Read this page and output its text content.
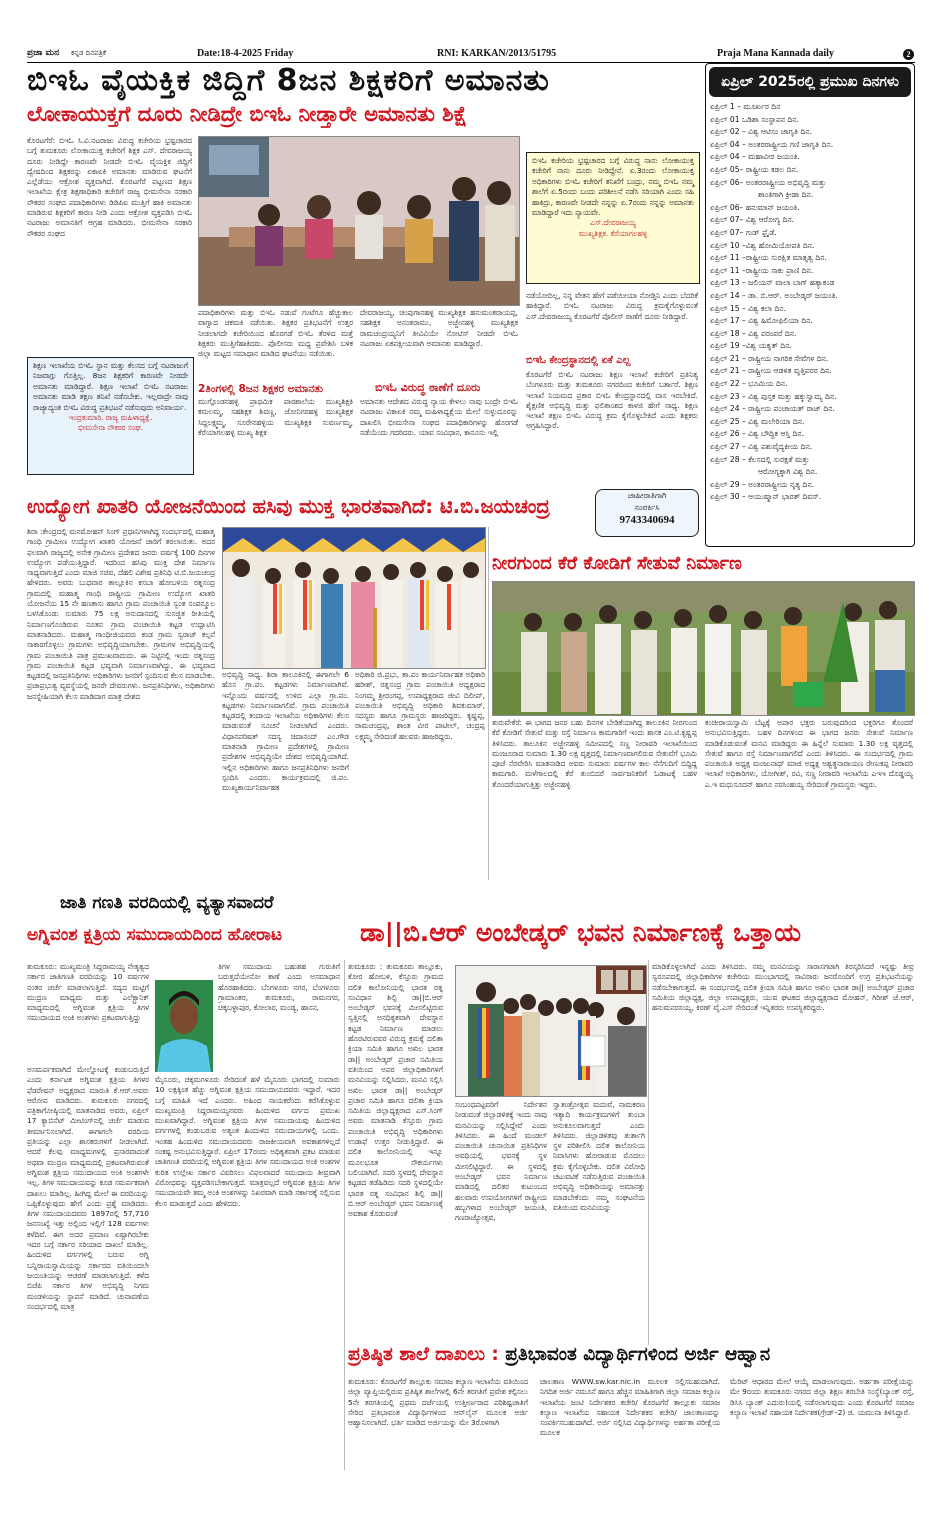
ಪ್ರಜಾ ಮನ ಕನ್ನಡ ದಿನಪತ್ರಿಕೆ	Date:18-4-2025 Friday	RNI: KARKAN/2013/51795	Praja Mana Kannada daily	2
ಬಿಇಓ ವೈಯಕ್ತಿಕ ಜಿದ್ದಿಗೆ 8ಜನ ಶಿಕ್ಷಕರಿಗೆ ಅಮಾನತು
ಲೋಕಾಯುಕ್ತಗೆ ದೂರು ನೀಡಿದ್ರೇ ಬಿಇಓ ನೀಡ್ತಾರೇ ಅಮಾನತು ಶಿಕ್ಷೆ
ಕೊರಟಗೆರೆ: ಬಿಇಓ ಸಿ.ವಿ.ನಟರಾಜು ವಿರುದ್ಧ ಕಚೇರಿಯ ಭ್ರಷ್ಟಚಾರದ ಬಗ್ಗೆ ತುಮಕೂರು ಲೋಕಾಯುಕ್ತ ಕಚೇರಿಗೆ ಶಿಕ್ಷಕ ಎಸ್. ದೇವರಾಜಯ್ಯ ದೂರು ನೀಡಿದ್ದೇ ಕಾರಣವೇ ನೀಡದೇ ಬಿಇಓ ವೈಯಕ್ತಿಕ ಜಿದ್ದಿಗೆ ದ್ವೇಷದಿಂದ ಶಿಕ್ಷಕರನ್ನು ಏಕಾಏಕಿ ಅಮಾನತು ಮಾಡಿರುವ ಘಟನೆಗೆ ಎಲ್ಲೆಡೆಯು ಆಕ್ರೋಶ ವ್ಯಕ್ತವಾಗಿದೆ. ಕೊರಟಗೆರೆ ಪಟ್ಟಣದ ಶಿಕ್ಷಣ ಇಲಾಖೆಯ ಕ್ಷೇತ್ರ ಶಿಕ್ಷಣಾಧಿಕಾರಿ ಕಚೇರಿಗೆ ರಾಜ್ಯ ಭೀಮಸೇನಾ ಸರಕಾರಿ ನೌಕರರ ಸಂಘದ ಪದಾಧಿಕಾರಿಗಳು ಡಿಡಿಪಿಐ ಮುತ್ತಿಗೆ ಹಾಕಿ ಅಮಾನತು ಮಾಡಿರುವ ಶಿಕ್ಷಕರಿಗೆ ಕಾರಣ ನೀಡಿ ಎಂದು ಆಕ್ರೋಶ ವ್ಯಕ್ತಪಡಿಸಿ ಬಿಇಓ ನಟರಾಜು ಅಮಾನತಿಗೆ ಆಗ್ರಹ ಮಾಡಿದರು. ಭೀಮಸೇನಾ ಸರಕಾರಿ ನೌಕರರ ಸಂಘದ
ಶಿಕ್ಷಣ ಇಲಾಖೆಯ ಬಿಇಓ ಸ್ಥಾನ ಮತ್ತು ಕೆಲಸದ ಬಗ್ಗೆ ನಟರಾಜುಗೆ ನಿಜವಾಗ್ಲು ಗೊತ್ತಿಲ್ಲ. 8ಜನ ಶಿಕ್ಷಕರಿಗೆ ಕಾರಣವೇ ನೀಡದೇ ಅಮಾನತು ಮಾಡಿದ್ದಾರೆ. ಶಿಕ್ಷಣ ಇಲಾಖೆ ಬಿಇಓ ನಟರಾಜು ಅಮಾನತು ಮಾಡಿ ತಕ್ಷಣ ತನಿಖೆ ನಡೆಸಬೇಕು. ಇಲ್ಲವಾದ್ರೇ ನಾವು ರಾಜ್ಯಾದ್ಯಂತ ಬಿಇಓ ವಿರುದ್ಧ ಪ್ರತಿಭಟನೆ ನಡೆಸುವುದು ಅನಿವಾರ್ಯ.
ಇಂದ್ರಕುಮಾರಿ. ರಾಜ್ಯ ಮಹಿಳಾಧ್ಯಕ್ಷೆ.
ಭೀಮಸೇನಾ ನೌಕರರ ಸಂಘ.
ಪದಾಧಿಕಾರಿಗಳು ಮತ್ತು ಬಿಇಓ ನಡುವೆ ಗಂಟೆಗೂ ಹೆಚ್ಚುಕಾಲ ವಾಗ್ವಾದ ಚಕಮಕಿ ನಡೆಯಿತು. ಶಿಕ್ಷಕರ ಪ್ರತಿಭಟನೆಗೆ ಉತ್ತರ ನೀಡಲಾಗದೇ ಕಚೇರಿಯಿಂದ ಹೊರಗಡೆ ಬಿಇಓ ತೆರಳಿದ ಮತ್ತೆ ಶಿಕ್ಷಕರು ಮುತ್ತಿಗೆಹಾಕಿದರು. ಪೊಲೀಸರು ಮಧ್ಯ ಪ್ರವೇಶಿಸಿ ಬಳಿಕ ಜಿಲ್ಲಾ ಮಟ್ಟದ ಸಮಾಧಾನ ಮಾಡಿದ ಘಟನೆಯು ನಡೆಯಿತು.
2ತಿಂಗಳಲ್ಲಿ 8ಜನ ಶಿಕ್ಷಕರ ಅಮಾನತು
ಮುಗ್ಗೊಂಡನಹಳ್ಳಿ ಪ್ರಾಥಮಿಕ ಪಾಠಶಾಲೆಯ ಮುಖ್ಯಶಿಕ್ಷಕಿ ಕಮಲಮ್ಮ, ಸಹಶಿಕ್ಷಕ ಶಿವಣ್ಣ, ಜೋನಿಗರಹಳ್ಳಿ ಮುಖ್ಯಶಿಕ್ಷಕ ಸಿದ್ದಲಕ್ಷ್ಮಮ್ಮ, ಸೂರೇನಹಳ್ಳಿಯ ಮುಖ್ಯಶಿಕ್ಷಕಿ ಸುವರ್ಣಮ್ಮ, ಕೆರೆಯಾಗಲಹಳ್ಳಿ ಮುಖ್ಯ ಶಿಕ್ಷಕ
ದೇವರಾಜಯ್ಯ, ಚಿಂಪುಗಾನಹಳ್ಳಿ ಮುಖ್ಯಶಿಕ್ಷಕ ಹನುಮಂತರಾಯಪ್ಪ, ಸಹಶಿಕ್ಷಕ ಅನಂತರಾಮು, ಅಜ್ಜೇನಹಳ್ಳಿ ಮುಖ್ಯಶಿಕ್ಷಕ ರಾಮಚಂದ್ರಯ್ಯನಿಗೆ ತೀವಿವಿಯೇ ನೋಟಿಸ್ ನೀಡದೇ ಬಿಇಓ ನಟರಾಜು ಏಕಪಕ್ಷೀಯವಾಗಿ ಅಮಾನತು ಮಾಡಿದ್ದಾರೆ.
ಬಿಇಓ ವಿರುದ್ಧ ಠಾಣೆಗೆ ದೂರು
ಅಮಾನತು ಆದೇಶದ ವಿರುದ್ಧ ನ್ಯಾಯ ಕೇಳಲು ನಾವು ಬಂದ್ರೇ ಬಿಇಓ ನಟರಾಜು ವಿಕಾಏಕಿ ನಮ್ಮ ಮಹಿಳಾಧ್ಯಕ್ಷೆಯ ಮೇಲೆ ಸುಳ್ಳುದೂರನ್ನು ದಾಖಲಿಸಿ ಭೀಮಸೇನಾ ಸಂಘದ ಪದಾಧಿಕಾರಿಗಳನ್ನು ಹೊರಗಡೆ ನಡೆಯೆಂದು ಗದರಿದರು. ಯಾವ ಸಂವಿಧಾನ, ಕಾನೂನು ಇಲ್ಲಿ
ಬಿಇಓ ಕಚೇರಿಯ ಭ್ರಷ್ಟಚಾರದ ಬಗ್ಗೆ ವಿರುದ್ಧ ನಾನು ಲೋಕಾಯುಕ್ತ ಕಚೇರಿಗೆ ನಾನು ದೂರು ನೀಡಿದ್ದೇನೆ. ಏ.3ರಂದು ಲೋಕಾಯುಕ್ತ ಅಧಿಕಾರಿಗಳು ಬಿಇಓ ಕಚೇರಿಗೆ ತನಿಖೆಗೆ ಬಂದ್ರು, ನಮ್ಮ ಬಿಇಓ ನಮ್ಮ ಶಾಲೆಗೆ ಏ.5ರಂದು ಬಂದು ಪರಿಶೀಲನೆ ನಡೆಸಿ ಸರಿಯಾಗಿ ಎಂದು ಸಹಿ ಹಾಕಿದ್ರು, ಕಾರಣವೇ ನೀಡದೇ ನನ್ನನ್ನು ಏ.7ರಂದು ನನ್ನನ್ನು ಅಮಾನತು ಮಾಡಿದ್ದಾರೆ ಇದು ನ್ಯಾಯವೇ.
ಎಸ್.ದೇವರಾಜಯ್ಯ
ಮುಖ್ಯಶಿಕ್ಷಕ. ಕೆರೆಯಾಗಲಹಳ್ಳಿ
ನಡೆಯೋದಿಲ್ಲ, ನಿನ್ನ ವೇತನ ಹೇಗೆ ಪಡೆಯೀಯಾ ನೋಡ್ತಿನಿ ಎಂದು ಬೆದರಿಕೆ ಹಾಕಿದ್ದಾರೆ. ಬಿಇಓ ನಟರಾಜು ವಿರುದ್ಧ ಕ್ರಮಕೈಗೊಳ್ಳುವಂತೆ ಎಸ್.ದೇವರಾಜಯ್ಯ ಕೊರಟಗೆರೆ ಪೊಲೀಸ್ ಠಾಣೆಗೆ ದೂರು ನೀಡಿದ್ದಾರೆ.
ಬಿಇಓ ಕೇಂದ್ರಸ್ಥಾನದಲ್ಲಿ ಏಕೆ ಎಲ್ಲ
ಕೊರಟಗೆರೆ ಬಿಇಓ ನಟರಾಜು ಶಿಕ್ಷಣ ಇಲಾಖೆ ಕಚೇರಿಗೆ ಪ್ರತಿನಿತ್ಯ ಬೆಂಗಳೂರು ಮತ್ತು ತುಮಕೂರು ನಗರದಿಂದ ಕಚೇರಿಗೆ ಬರ್ತಾರೆ. ಶಿಕ್ಷಣ ಇಲಾಖೆ ನಿಯಮದ ಪ್ರಕಾರ ಬಿಇಓ ಕೇಂದ್ರಸ್ಥಾನದಲ್ಲಿ ವಾಸ ಇರಬೇಕಿದೆ. ಶೈಕ್ಷಣಿಕ ಅಭಿವೃದ್ಧಿ ಮತ್ತು ಫಲಿತಾಂಶದ ಕಾಳಜಿ ಹೇಗೆ ಸಾಧ್ಯ. ಶಿಕ್ಷಣ ಇಲಾಖೆ ತಕ್ಷಣ ಬಿಇಓ ವಿರುದ್ಧ ಕ್ರಮ ಕೈಗೊಳ್ಳಬೇಕಿದೆ ಎಂದು ಶಿಕ್ಷಕರು ಆಗ್ರಹಿಸಿದ್ದಾರೆ.
ಜಾಹೀರಾತಿಗಾಗಿ
ಸಂಪರ್ಕಿಸಿ
9743340694
ಏಪ್ರಿಲ್ 2025ರಲ್ಲಿ ಪ್ರಮುಖ ದಿನಗಳು
ಏಪ್ರಿಲ್ 1 – ಮೂರ್ಖರ ದಿನ
ಏಪ್ರಿಲ್ 01 ಒಡಿಶಾ ಸಂಸ್ಥಾಪನ ದಿನ.
ಏಪ್ರಿಲ್ 02 – ವಿಶ್ವ ಆಟಿಸಂ ಜಾಗೃತಿ ದಿನ.
ಏಪ್ರಿಲ್ 04 – ಅಂತರರಾಷ್ಟ್ರೀಯ ಗಣಿ ಜಾಗೃತಿ ದಿನ.
ಏಪ್ರಿಲ್ 04 – ಮಹಾವೀರ ಜಯಂತಿ.
ಏಪ್ರಿಲ್ 05– ರಾಷ್ಟ್ರೀಯ ಕಡಲ ದಿನ.
ಏಪ್ರಿಲ್ 06– ಅಂತರರಾಷ್ಟ್ರೀಯ ಅಭಿವೃದ್ಧಿ ಮತ್ತು
ಶಾಂತಿಗಾಗಿ ಕ್ರೀಡಾ ದಿನ.
ಏಪ್ರಿಲ್ 06– ಹನುಮಾನ್ ಜಯಂತಿ.
ಏಪ್ರಿಲ್ 07– ವಿಶ್ವ ಆರೋಗ್ಯ ದಿನ.
ಏಪ್ರಿಲ್ 07– ಗುಡ್ ಫ್ರೈಡೆ.
ಏಪ್ರಿಲ್ 10 –ವಿಶ್ವ ಹೋಮಿಯೋಪತಿ ದಿನ.
ಏಪ್ರಿಲ್ 11 –ರಾಷ್ಟ್ರೀಯ ಸುರಕ್ಷಿತ ಮಾತೃತ್ವ ದಿನ.
ಏಪ್ರಿಲ್ 11 –ರಾಷ್ಟ್ರೀಯ ಸಾಕು ಪ್ರಾಣಿ ದಿನ.
ಏಪ್ರಿಲ್ 13 – ಜಲಿಯನ್ ವಾಲಾ ಬಾಗ್ ಹತ್ಯಾಕಂಡ
ಏಪ್ರಿಲ್ 14 – ಡಾ. ಬಿ.ಆರ್. ಅಂಬೇಡ್ಕರ್ ಜಯಂತಿ.
ಏಪ್ರಿಲ್ 15 – ವಿಶ್ವ ಕಲಾ ದಿನ.
ಏಪ್ರಿಲ್ 17 – ವಿಶ್ವ ಹಿಮೋಫಿಲಿಯಾ ದಿನ.
ಏಪ್ರಿಲ್ 18 – ವಿಶ್ವ ಪರಂಪರೆ ದಿನ.
ಏಪ್ರಿಲ್ 19 –ವಿಶ್ವ ಯಕೃತ್ ದಿನ.
ಏಪ್ರಿಲ್ 21 – ರಾಷ್ಟ್ರೀಯ ನಾಗರಿಕ ಸೇವೆಗಳ ದಿನ.
ಏಪ್ರಿಲ್ 21 – ರಾಷ್ಟ್ರೀಯ ಆಡಳಿತ ವೃತ್ತಿಪರರ ದಿನ.
ಏಪ್ರಿಲ್ 22 – ಭೂಮಿಯ ದಿನ.
ಏಪ್ರಿಲ್ 23 – ವಿಶ್ವ ಪುಸ್ತಕ ಮತ್ತು ಹಕ್ಕುಸ್ವಾಮ್ಯ ದಿನ.
ಏಪ್ರಿಲ್ 24 – ರಾಷ್ಟ್ರೀಯ ಪಂಚಾಯತ್ ರಾಜ್ ದಿನ.
ಏಪ್ರಿಲ್ 25 – ವಿಶ್ವ ಮಲೇರಿಯಾ ದಿನ.
ಏಪ್ರಿಲ್ 26 – ವಿಶ್ವ ಬೌದ್ಧಿಕ ಆಸ್ತಿ ದಿನ.
ಏಪ್ರಿಲ್ 27 – ವಿಶ್ವ ಪಶುವೈದ್ಯಕೀಯ ದಿನ.
ಏಪ್ರಿಲ್ 28 – ಕೆಲಸದಲ್ಲಿ ಸುರಕ್ಷತೆ ಮತ್ತು
ಆರೋಗ್ಯಕ್ಕಾಗಿ ವಿಶ್ವ ದಿನ.
ಏಪ್ರಿಲ್ 29 – ಅಂತರರಾಷ್ಟ್ರೀಯ ನೃತ್ಯ ದಿನ.
ಏಪ್ರಿಲ್ 30 – ಆಯುಷ್ಮಾನ್ ಭಾರತ್ ದಿವಸ್.
ಉದ್ಯೋಗ ಖಾತರಿ ಯೋಜನೆಯಿಂದ ಹಸಿವು ಮುಕ್ತ ಭಾರತವಾಗಿದೆ: ಟಿ.ಬಿ.ಜಯಚಂದ್ರ
ಶಿರಾ :ಕೇಂದ್ರದಲ್ಲಿ ಮನಮೋಹನ್ ಸಿಂಗ್ ಪ್ರಧಾನಿಗಳಾಗಿದ್ದ ಸಂದರ್ಭದಲ್ಲಿ ಮಹಾತ್ಮ ಗಾಂಧಿ ಗ್ರಾಮೀಣ ಉದ್ಯೋಗ ಖಾತರಿ ಯೋಜನೆ ಜಾರಿಗೆ ತರಲಾಯಿತು. ಅದರ ಫಲವಾಗಿ ರಾಜ್ಯದಲ್ಲಿ ಅನೇಕ ಗ್ರಾಮೀಣ ಪ್ರದೇಶದ ಜನರು ವರ್ಷಕ್ಕೆ 100 ದಿನಗಳ ಉದ್ಯೋಗ ಪಡೆಯುತ್ತಿದ್ದಾರೆ. ಇದರಿಂದ ಹಸಿವು ಮುಕ್ತ ದೇಶ ನಿರ್ಮಾಣ ಸಾಧ್ಯವಾಗುತ್ತಿದೆ ಎಂದು ಮಾಜಿ ಸಚಿವ, ದೆಹಲಿ ವಿಶೇಷ ಪ್ರತಿನಿಧಿ ಟಿ.ಬಿ.ಜಯಚಂದ್ರ ಹೇಳಿದರು. ಅವರು ಬುಧವಾರ ತಾಲ್ಲೂಕಿನ ಕಸಬಾ ಹೋಬಳಿಯ ರತ್ನಸಂದ್ರ ಗ್ರಾಮದಲ್ಲಿ ಮಹಾತ್ಮ ಗಾಂಧಿ ರಾಷ್ಟ್ರೀಯ ಗ್ರಾಮೀಣ ಉದ್ಯೋಗ ಖಾತರಿ ಯೋಜನೆಯ 15 ನೇ ಹಣಕಾಸು ಹಾಗೂ ಗ್ರಾಮ ಪಂಚಾಯಿತಿ ಸ್ವಂತ ಸಂಪನ್ಮೂಲ ಬಳಸಿಕೊಂಡು ಸುಮಾರು 75 ಲಕ್ಷ ಅನುದಾನದಲ್ಲಿ ಸುಸಜ್ಜಿತ ರೀತಿಯಲ್ಲಿ ನಿರ್ಮಾಣಗೊಂಡಿರುವ ನೂತನ ಗ್ರಾಮ ಪಂಚಾಯಿತಿ ಕಟ್ಟಡ ಉದ್ಘಾಟಿಸಿ ಮಾತನಾಡಿದರು. ಮಹಾತ್ಮ ಗಾಂಧೀಜಿಯವರು ಕಂಡ ಗ್ರಾಮ ಸ್ವರಾಜ್ ಕಲ್ಪನೆ ಸಾಕಾರಗೊಳ್ಳಲು ಗ್ರಾಮಗಳು ಅಭಿವೃದ್ಧಿಯಾಗಬೇಕು. ಗ್ರಾಮಗಳ ಅಭಿವೃದ್ಧಿಯಲ್ಲಿ ಗ್ರಾಮ ಪಂಚಾಯಿತಿ ಪಾತ್ರ ಪ್ರಮುಖವಾದುದು. ಈ ನಿಟ್ಟಿನಲ್ಲಿ ಇಂದು ರತ್ನಸಂದ್ರ ಗ್ರಾಮ ಪಂಚಾಯಿತಿ ಕಟ್ಟಡ ಭವ್ಯವಾಗಿ ನಿರ್ಮಾಣವಾಗಿದ್ದು, ಈ ಭವ್ಯವಾದ ಕಟ್ಟಡದಲ್ಲಿ ಜನಪ್ರತಿನಿಧಿಗಳು ಅಧಿಕಾರಿಗಳು ಜನರಿಗೆ ಸ್ಪಂದಿಸುವ ಕೆಲಸ ಮಾಡಬೇಕು. ಪ್ರಜಾಪ್ರಭುತ್ವ ವ್ಯವಸ್ಥೆಯಲ್ಲಿ ಜನರೇ ದೇವರುಗಳು. ಜನಪ್ರತಿನಿಧಿಗಳು, ಅಧಿಕಾರಿಗಳು ಜನಸ್ನೇಹಿಯಾಗಿ ಕೆಲಸ ಮಾಡಿದಾಗ ಮಾತ್ರ ದೇಶದ
ಅಭಿವೃದ್ಧಿ ಸಾಧ್ಯ. ಶಿರಾ ತಾಲೂಕಿನಲ್ಲಿ ಈಗಾಗಲೇ 6 ಹೊಸ ಗ್ರಾ.ಪಂ. ಕಟ್ಟಡಗಳು ನಿರ್ಮಾಣವಾಗಿವೆ. ಇನ್ನೊಂದು ವರ್ಷದಲ್ಲಿ ಉಳಿದ ಎಲ್ಲಾ ಗ್ರಾ.ಪಂ. ಕಟ್ಟಡಗಳು ನಿರ್ಮಾಣವಾಗಲಿವೆ. ಗ್ರಾಮ ಪಂಚಾಯಿತಿ ಕಟ್ಟಡದಲ್ಲಿ ಕಂದಾಯ ಇಲಾಖೆಯ ಅಧಿಕಾರಿಗಳು ಕೆಲಸ ಮಾಡುವಂತೆ ಸೂಚನೆ ನೀಡಲಾಗಿದೆ ಎಂದರು. ವಿಧಾನಪರಿಷತ್ ಸದಸ್ಯ ಚಿದಾನಂದ್ ಎಂ.ಗೌಡ ಮಾತನಾಡಿ ಗ್ರಾಮೀಣ ಪ್ರದೇಶಗಳಲ್ಲಿ ಗ್ರಾಮೀಣ ಪ್ರದೇಶಗಳ ಅಭಿವೃದ್ಧಿಯೇ ದೇಶದ ಅಭಿವೃದ್ಧಿಯಾಗಿದೆ. ಇಲ್ಲಿನ ಅಧಿಕಾರಿಗಳು ಹಾಗೂ ಜನಪ್ರತಿನಿಧಿಗಳು ಜನರಿಗೆ ಸ್ಪಂದಿಸಿ ಎಂದರು. ಕಾರ್ಯಕ್ರಮದಲ್ಲಿ ಜಿ.ಪಂ. ಮುಖ್ಯಕಾರ್ಯನಿರ್ವಾಹಕ
ಅಧಿಕಾರಿ ಜಿ.ಪ್ರಭು, ತಾ.ಪಂ ಕಾರ್ಯನಿರ್ವಾಹಕ ಅಧಿಕಾರಿ ಹರೀಶ್, ರತ್ನಸಂದ್ರ ಗ್ರಾಮ ಪಂಚಾಯಿತಿ ಅಧ್ಯಕ್ಷರಾದ ನಿಂಗಮ್ಮ ಶ್ರೀರಂಗಪ್ಪ, ಉಪಾಧ್ಯಕ್ಷರಾದ ಜೀವಿ ದಿಲೀಪ್, ಪಂಚಾಯಿತಿ ಅಭಿವೃದ್ಧಿ ಅಧಿಕಾರಿ ಶಿವಕುಮಾರ್, ಸದಸ್ಯರು ಹಾಗೂ ಗ್ರಾಮಸ್ಥರು ಹಾಜರಿದ್ದರು. ಕೃಷ್ಣಪ್ಪ, ರಾಮಚಂದ್ರಪ್ಪ, ಶಾಂತ ವೀರ ಪಾಟೀಲ್, ಚಂದ್ರಪ್ಪ ಲಕ್ಷ್ಮಮ್ಮ ಸೇರಿದಂತೆ ಹಲವರು ಹಾಜರಿದ್ದರು.
ನೀರಗುಂದ ಕೆರೆ ಕೋಡಿಗೆ ಸೇತುವೆ ನಿರ್ಮಾಣ
ತುರುವೇಕೆರೆ: ಈ ಭಾಗದ ಜನರ ಬಹು ದಿನಗಳ ಬೇಡಿಕೆಯಾಗಿದ್ದ ತಾಲೂಕಿನ ನೀರಗುಂದ ಕೆರೆ ಕೋಡಿಗೆ ಸೇತುವೆ ಮತ್ತು ರಸ್ತೆ ನಿರ್ಮಾಣ ಕಾಮಗಾರಿಗೆ ಇಂದು ಶಾಸಕ ಎಂ.ಟಿ.ಕೃಷ್ಣಪ್ಪ ತಿಳಿಸಿದರು. ತಾಲೂಕಿನ ಅಜ್ಜೇನಹಳ್ಳಿ ಸಮೀಪದಲ್ಲಿ ಸಣ್ಣ ನೀರಾವರಿ ಇಲಾಖೆಯಿಂದ ಮಂಜೂರಾದ ಸುಮಾರು 1.30 ಲಕ್ಷ ವೃತ್ತದಲ್ಲಿ ನಿರ್ಮಾಣವಾಗಲಿರುವ ಸೇತುವೆಗೆ ಭೂಮಿ ಪೂಜೆ ನೆರವೇರಿಸಿ ಮಾತನಾಡಿದ ಅವರು ಸುಮಾರು ವರ್ಷಗಳ ಕಾಲ ನೆನೆಗುದಿಗೆ ಬಿದ್ದಿದ್ದ ಕಾಮಗಾರಿ. ಮಳೆಗಾಲದಲ್ಲಿ ಕೆರೆ ತುಂಬಿದರೆ ಸಾರ್ವಜನಿಕರಿಗೆ ಓಡಾಟಕ್ಕೆ ಬಹಳ ತೊಂದರೆಯಾಗುತ್ತಿತ್ತು ಅಜ್ಜೇನಹಳ್ಳಿ
ಕಂಚೀರಾಯಸ್ವಾಮಿ ಬೆಟ್ಟಕ್ಕೆ ಅಪಾರ ಭಕ್ತರು ಬರುವುದರಿಂದ ಭಕ್ತರಿಗೂ ತೊಂದರೆ ಅನುಭವಿಸುತ್ತಿದ್ದರು. ಬಹಳ ದಿನಗಳಿಂದ ಈ ಭಾಗದ ಜನರು ಸೇತುವೆ ನಿರ್ಮಾಣ ಮಾಡಿಕೊಡುವಂತೆ ಮನವಿ ಮಾಡಿದ್ದರು ಈ ಹಿನ್ನೆಲೆ ಸುಮಾರು 1.30 ಲಕ್ಷ ವೃತ್ತದಲ್ಲಿ ಸೇತುವೆ ಹಾಗೂ ರಸ್ತೆ ನಿರ್ಮಾಣವಾಗಲಿದೆ ಎಂದು ತಿಳಿಸಿದರು. ಈ ಸಂದರ್ಭದಲ್ಲಿ ಗ್ರಾಮ ಪಂಚಾಯಿತಿ ಅಧ್ಯಕ್ಷ ಮಂಜುನಾಥ್ ಮಾಜಿ ಅಧ್ಯಕ್ಷ ಅಶ್ವತ್ಥನಾರಾಯಣ ರೇಣುಕಪ್ಪ ನೀರಾವರಿ ಇಲಾಖೆ ಅಧಿಕಾರಿಗಳು, ಯೋಗೀಶ್, ರವಿ, ಸಣ್ಣ ನೀರಾವರಿ ಇಲಾಖೆಯ ಎಇಇ ದೊಡ್ಡಯ್ಯ ಎ.ಇ ಮಧುಸೂದನ್ ಹಾಗೂ ನರಸಿಂಹಯ್ಯ ಸೇರಿದಂತೆ ಗ್ರಾಮಸ್ಥರು ಇದ್ದರು.
ಜಾತಿ ಗಣತಿ ವರದಿಯಲ್ಲಿ ವ್ಯತ್ಯಾಸವಾದರೆ
ಅಗ್ನಿವಂಶ ಕ್ಷತ್ರಿಯ ಸಮುದಾಯದಿಂದ ಹೋರಾಟ
ತುಮಕೂರು: ಮುಖ್ಯಮಂತ್ರಿ ಸಿದ್ದರಾಮಯ್ಯ ನೇತೃತ್ವದ ಸರ್ಕಾರ ಜಾತಿಗಣತಿ ವರದಿಯನ್ನು 10 ವರ್ಷಗಳ ನಂತರ ಚರ್ಚೆ ಮಾಡಲಾಗುತ್ತಿದೆ. ಸದ್ಯದ ಮಟ್ಟಿಗೆ ಮುದ್ರಣ ಮಾಧ್ಯಮ ಮತ್ತು ಎಲೆಕ್ಟ್ರಾನಿಕ್ ಮಾಧ್ಯಮದಲ್ಲಿ ಅಗ್ನಿವಂಶ ಕ್ಷತ್ರಿಯ ತಿಗಳ ಸಮುದಾಯದ ಅಂಕಿ ಅಂಶಗಳು ಪ್ರಕಟವಾಗುತ್ತಿದ್ದು
ಅಸಮರ್ಪಕವಾಗಿದೆ ಮೇಲ್ನೋಟಕ್ಕೆ ಕಂಡುಬರುತ್ತಿದೆ ಎಂದು ಕರ್ನಾಟಕ ಅಗ್ನಿವಂಶ ಕ್ಷತ್ರಿಯ ತಿಗಳರ ಫೆಡರೇಷನ್ ಅಧ್ಯಕ್ಷರಾದ ಮಾರುತಿ ಕೆ.ಆರ್.ಅವರು ಆರೋಪ ಮಾಡಿದರು. ತುಮಕೂರು ನಗರದಲ್ಲಿ ಪತ್ರಿಕಾಗೋಷ್ಠಿಯಲ್ಲಿ ಮಾತನಾಡಿದ ಅವರು, ಏಪ್ರಿಲ್ 17 ಕ್ಯಾಬಿನೆಟ್ ಮೀಟಿಂಗ್‌ನಲ್ಲಿ ಚರ್ಚೆ ಮಾಡುವ ತೀರ್ಮಾನಿಸಲಾಗಿದೆ. ಈಗಾಗಲೇ ವರದಿಯ ಪ್ರತಿಯನ್ನು ಎಲ್ಲಾ ಶಾಸಕರುಗಳಿಗೆ ನೀಡಲಾಗಿದೆ. ಆದರೆ ಕೆಲವು ಮಾಧ್ಯಮಗಳಲ್ಲಿ ಪ್ರಸಾರವಾದಂತೆ ಅಥವಾ ಮುದ್ರಣ ಮಾಧ್ಯಮದಲ್ಲಿ ಪ್ರಕಟವಾಗಿರುವಂತೆ ಅಗ್ನಿವಂಶ ಕ್ಷತ್ರಿಯ ಸಮುದಾಯದ ಅಂಕಿ ಅಂಶಗಳೇ ಇಲ್ಲ. ತಿಗಳ ಸಮುದಾಯವನ್ನು ಕೂಡ ಸಮರ್ಪಕವಾಗಿ ದಾಖಲು ಮಾಡಿಲ್ಲ. ಹೀಗಿದ್ದ ಮೇಲೆ ಈ ವರದಿಯನ್ನು ಒಪ್ಪಿಕೊಳ್ಳುವುದು ಹೇಗೆ ಎಂದು ಪ್ರಶ್ನೆ ಮಾಡಿದರು. ತಿಗಳ ಸಮುದಾಯದವರು 1897ರಲ್ಲಿ 57,710 ಜನಸಂಖ್ಯೆ ಇತ್ತು ಅಲ್ಲಿಂದ ಇಲ್ಲಿಗೆ 128 ವರ್ಷಗಳು ಕಳೆದಿವೆ. ಈಗ ಅದರ ಪ್ರಮಾಣ ಏಷ್ಟಾಗಿರಬೇಕು ಇದರ ಬಗ್ಗೆ ಸರ್ಕಾರ ಸರಿಯಾದ ದಾಖಲೆ ಮಾಡಿಲ್ಲ. ಹಿಂದುಳಿದ ವರ್ಗಗಳಲ್ಲಿ ಬರುವ ಅಗ್ನಿ ಬನ್ನಿರಾಯಸ್ವಾಮಿಯನ್ನು ಸರ್ಕಾರದ ವತಿಯಿಂದಲೇ ಜಯಂತಿಯನ್ನು ಆಚರಣೆ ಮಾಡಲಾಗುತ್ತಿದೆ. ಕಳೆದ ಬಿಜೆಪಿ ಸರ್ಕಾರ ತಿಗಳ ಅಭಿವೃದ್ಧಿ ನಿಗಮ ಮಂಡಳಿಯನ್ನು ಸ್ಥಾಪನೆ ಮಾಡಿದೆ. ಚುನಾವಣೆಯ ಸಂದರ್ಭದಲ್ಲಿ ಮಾತ್ರ
ತಿಗಳ ಸಮುದಾಯ ಬಹುಶಹ ಗುರುತಿಗೆ ಬರುತ್ತದೆಯೇನೋ ಕಾಣೆ ಎಂದು ಅಸಮಾಧಾನ ಹೊರಹಾಕಿದರು. ಬೆಂಗಳೂರು ನಗರ, ಬೆಂಗಳೂರು ಗ್ರಾಮಾಂತರ, ತುಮಕೂರು, ರಾಮನಗರ, ಚಿಕ್ಕಬಳ್ಳಾಪುರ, ಕೋಲಾರ, ಮಂಡ್ಯ, ಹಾಸನ,
ಮೈಸೂರು, ಚಿಕ್ಕಮಗಳೂರು ಸೇರಿದಂತೆ ಹಳೆ ಮೈಸೂರು ಭಾಗದಲ್ಲಿ ಸುಮಾರು 10 ಲಕ್ಷಕ್ಕಿಂತ ಹೆಚ್ಚು ಅಗ್ನಿವಂಶ ಕ್ಷತ್ರಿಯ ಸಮುದಾಯದವರು ಇದ್ದಾರೆ. ಇದರ ಬಗ್ಗೆ ಮಾಹಿತಿ ಇದೆ ಎಂದರು. ಅಹಿಂದ ನಾಯಕರೆಂದು ಕರೆಸಿಕೊಳ್ಳುವ ಮುಖ್ಯಮಂತ್ರಿ ಸಿದ್ದರಾಮಯ್ಯನವರು ಹಿಂದುಳಿದ ವರ್ಗದ ಪ್ರಮುಖ ಮುಖವಾಗಿದ್ದಾರೆ. ಅಗ್ನಿವಂಶ ಕ್ಷತ್ರಿಯ ತಿಗಳ ಸಮುದಾಯವು ಹಿಂದುಳಿದ ವರ್ಗಗಳಲ್ಲಿ ಕಂಡುಬರುವ ಅತ್ಯಂತ ಹಿಂದುಳಿದ ಸಮುದಾಯಗಳಲ್ಲಿ ಒಂದು. ಇಂತಹ ಹಿಂದುಳಿದ ಸಮುದಾಯದವರು ರಾಜಕೀಯವಾಗಿ ಅವಕಾಶಗಳಿಲ್ಲದೆ ಸಂಕಷ್ಟ ಅನುಭವಿಸುತ್ತಿದ್ದಾರೆ. ಏಪ್ರಿಲ್ 17ರಂದು ಅಧಿಕೃತವಾಗಿ ಪ್ರಕಟ ಮಾಡುವ ಜಾತಿಗಣತಿ ವರದಿಯಲ್ಲಿ ಅಗ್ನಿವಂಶ ಕ್ಷತ್ರಿಯ ತಿಗಳ ಸಮುದಾಯದ ಅಂಕಿ ಅಂಶಗಳ ಕುರಿತ ಉಲ್ಲೇಖ ಸರ್ಕಾರ ವಿವರಿಸಲು ವಿಫಲವಾದರೆ ಸಮುದಾಯ ತೀವ್ರವಾಗಿ ವಿರೋಧವನ್ನು ವ್ಯಕ್ತಪಡಿಸಬೇಕಾಗುತ್ತದೆ. ಮಾತ್ರವಲ್ಲದೆ ಅಗ್ನಿವಂಶ ಕ್ಷತ್ರಿಯ ತಿಗಳ ಸಮುದಾಯವೇ ತಮ್ಮ ಅಂಕಿ ಅಂಶಗಳನ್ನು ನಿಖರವಾಗಿ ಮಾಡಿ ಸರ್ಕಾರಕ್ಕೆ ಸಲ್ಲಿಸುವ ಕೆಲಸ ಮಾಡುತ್ತದೆ ಎಂದು ಹೇಳಿದರು.
ಡಾ||ಬಿ.ಆರ್ ಅಂಬೇಡ್ಕರ್ ಭವನ ನಿರ್ಮಾಣಕ್ಕೆ ಒತ್ತಾಯ
ತುಮಕೂರು : ತುಮಕೂರು ತಾಲ್ಲೂಕು, ಕೋರ ಹೋಬಳಿ, ಕೆಸ್ತೂರು ಗ್ರಾಮದ ದಲಿತ ಕಾಲೋನಿಯಲ್ಲಿ ಭಾರತ ರತ್ನ ಸಂವಿಧಾನ ಶಿಲ್ಪಿ ಡಾ||ಬಿ.ಆರ್ ಅಂಬೇಡ್ಕರ್ ಭವನಕ್ಕೆ ಮೀಸಲಿಟ್ಟಿರುವ ಸ್ವತ್ತಿನಲ್ಲಿ ಅನಧಿಕೃತವಾಗಿ ದೇವಸ್ಥಾನ ಕಟ್ಟಡ ನಿರ್ಮಾಣ ಮಾಡಲು ಹೊರಟಿರುವವರ ವಿರುದ್ಧ ಕ್ರಮಕ್ಕೆ ದಲಿತಾ ಕ್ರಿಯಾ ಸಮಿತಿ ಹಾಗೂ ಅಖಿಲ ಭಾರತ ಡಾ|| ಅಂಬೇಡ್ಕರ್ ಪ್ರಚಾರ ಸಮಿತಿಯ ವತಿಯಿಂದ ಅಪರ ಜಿಲ್ಲಾಧಿಕಾರಿಗಳಿಗೆ ಮನವಿಯನ್ನು ಸಲ್ಲಿಸಿದರು. ಮನವಿ ಸಲ್ಲಿಸಿ ಅಖಿಲ ಭಾರತ ಡಾ|| ಅಂಬೇಡ್ಕರ್ ಪ್ರಚಾರ ಸಮಿತಿ ಹಾಗೂ ದಲಿತಾ ಕ್ರಿಯಾ ಸಮಿತಿಯ ಜಿಲ್ಲಾಧ್ಯಕ್ಷರಾದ ಎಸ್.ಸಿಂಗ್ ಅವರು ಮಾತನಾಡಿ ಕೆಸ್ತೂರು ಗ್ರಾಮ ಪಂಚಾಯಿತಿ ಅಭಿವೃದ್ಧಿ ಅಧಿಕಾರಿಗಳು ಉಡಾಫೆ ಉತ್ತರ ನೀಡುತ್ತಿದ್ದಾರೆ. ಈ ದಲಿತ ಕಾಲೋನಿಯಲ್ಲಿ ಇನ್ನೂ ಮೂಲಭೂತ ಸೌಕರ್ಯಗಳು ಬಲಿಯಾಗಿವೆ. ಸದರಿ ಸ್ಥಳದಲ್ಲಿ ದೇವಸ್ಥಾನ ಕಟ್ಟಡದ ತಡೆಹಿಡಿದು ಸದರಿ ಸ್ಥಳದಲ್ಲಿಯೇ ಭಾರತ ರತ್ನ ಸಂವಿಧಾನ ಶಿಲ್ಪಿ ಡಾ|| ಬಿ.ಆರ್ ಅಂಬೇಡ್ಕರ್ ಭವನ ನಿರ್ಮಾಣಕ್ಕೆ ಅವಕಾಶ ಕೊಡುವಂತೆ
ಸಂಬಂಧಪಟ್ಟವರಿಗೆ ನಿರ್ದೇಶನ ನೀಡುವಂತೆ ಜಿಲ್ಲಾಡಳಿತಕ್ಕೆ ಇಂದು ನಾವು ಮನವಿಯನ್ನು ಸಲ್ಲಿಸಿದ್ದೇವೆ ಎಂದು ತಿಳಿಸಿದರು. ಈ ಹಿಂದೆ ಮಂಡಲ್ ಪಂಚಾಯಿತಿ ಚುನಾಯಿತ ಪ್ರತಿನಿಧಿಗಳ ಅವಧಿಯಲ್ಲಿ ಭವನಕ್ಕೆ ಸ್ಥಳ ಮೀಸಲಿಟ್ಟಿದ್ದಾರೆ. ಈ ಸ್ಥಳದಲ್ಲಿ ಅಂಬೇಡ್ಕರ್ ಭವನ ನಿರ್ಮಾಣ ಮಾಡಿದಲ್ಲಿ ದಲಿತರ ಕುಟುಂಬದ ಹಲವಾರು ಉಪಯೋಗಗಳಿಗೆ ರಾಷ್ಟ್ರೀಯ ಹಬ್ಬಗಳಾದ ಅಂಬೇಡ್ಕರ್ ಜಯಂತಿ, ಗಣರಾಜ್ಯೋತ್ಸವ,
ಸ್ವಾತಂತ್ರೋತ್ಸವ ಮದುವೆ, ನಾಮಕರಣ ಇತ್ಯಾದಿ ಕಾರ್ಯಕ್ರಮಗಳಿಗೆ ತುಂಬಾ ಅನುಕೂಲವಾಗುತ್ತದೆ ಎಂದು ತಿಳಿಸಿದರು. ಜಿಲ್ಲಾಡಳಿತವು ತುರ್ತಾಗಿ ಸ್ಥಳ ಪರಿಶೀಲಿಸಿ ದಲಿತ ಕಾಲೋನಿಯ ನಿವಾಸಿಗಳು ಹೋರಾಡುವ ಮೊದಲು ಕ್ರಮ ಕೈಗೊಳ್ಳಬೇಕು. ದಲಿತ ವಿರೋಧಿ ಚಟುವಟಿಕೆ ನಡೆಸುತ್ತಿರುವ ಪಂಚಾಯಿತಿ ಅಭಿವೃದ್ಧಿ ಅಧಿಕಾರಿಯನ್ನು ಅಮಾನತ್ತು ಮಾಡಬೇಕೆಂದು ನಮ್ಮ ಸಂಘಟನೆಯ ವತಿಯಿಂದ ಮನವಿಯನ್ನು
ಮಾಡಿಕೊಳ್ಳಲಾಗಿದೆ ಎಂದು ತಿಳಿಸಿದರು. ನಮ್ಮ ಮನವಿಯನ್ನು ಸಾರಾಸಗಟಾಗಿ ತಿರಸ್ಕರಿಸಿದರೆ ಇನ್ನಷ್ಟು ತೀವ್ರ ಸ್ವರೂಪದಲ್ಲಿ ಜಿಲ್ಲಾಧಿಕಾರಿಗಳ ಕಚೇರಿಯ ಮುಂಭಾಗದಲ್ಲಿ ಸಾವಿರಾರು ಜನರೊಂದಿಗೆ ಉಗ್ರ ಪ್ರತಿಭಟನೆಯನ್ನು ನಡೆಸಬೇಕಾಗುತ್ತದೆ. ಈ ಸಂದರ್ಭದಲ್ಲಿ ದಲಿತ ಕ್ರಿಯಾ ಸಮಿತಿ ಹಾಗೂ ಅಖಿಲ ಭಾರತ ಡಾ|| ಅಂಬೇಡ್ಕರ್ ಪ್ರಚಾರ ಸಮಿತಿಯ ಜಿಲ್ಲಾಧ್ಯಕ್ಷ, ಜಿಲ್ಲಾ ಉಪಾಧ್ಯಕ್ಷರು, ಯುವ ಘಟಕದ ಜಿಲ್ಲಾಧ್ಯಕ್ಷರಾದ ಮೋಹನ್, ಗಿರೀಶ್ ಜೆ.ಆರ್, ಹನುಮನರಸಯ್ಯ, ಕಿರಣ್ ವೈ.ಎಸ್ ಸೇರಿದಂತೆ ಇನ್ನಿತರರು ಉಪಸ್ಥಿತರಿದ್ದರು.
ಪ್ರತಿಷ್ಠಿತ ಶಾಲೆ ದಾಖಲು : ಪ್ರತಿಭಾವಂತ ವಿದ್ಯಾರ್ಥಿಗಳಿಂದ ಅರ್ಜಿ ಆಹ್ವಾನ
ತುಮಕೂರು: ಕೊರಟಗೆರೆ ತಾಲ್ಲೂಕು ಸಮಾಜ ಕಲ್ಯಾಣ ಇಲಾಖೆಯ ವತಿಯಿಂದ ಜಿಲ್ಲಾ ವ್ಯಾಪ್ತಿಯಲ್ಲಿರುವ ಪ್ರತಿಷ್ಠಿತ ಶಾಲೆಗಳಲ್ಲಿ 6ನೇ ತರಗತಿಗೆ ಪ್ರವೇಶ ಕಲ್ಪಿಸಲು 5ನೇ ತರಗತಿಯಲ್ಲಿ ಪ್ರಥಮ ದರ್ಜೆಯಲ್ಲಿ ಉತ್ತೀರ್ಣರಾದ ಪರಿಶಿಷ್ಟಜಾತಿಗೆ ಸೇರಿದ ಪ್ರತಿಭಾವಂತ ವಿದ್ಯಾರ್ಥಿಗಳಿಂದ ಆನ್‌ಲೈನ್ ಮೂಲಕ ಅರ್ಜಿ ಆಹ್ವಾನಿಸಲಾಗಿದೆ. ಭರ್ತಿ ಮಾಡಿದ ಅರ್ಜಿಯನ್ನು ಮೇ 3ರೊಳಗಾಗಿ
ಜಾಲತಾಣ WWW.sw.kar.nic.in ಮೂಲಕ ಸಲ್ಲಿಸಬಹುದಾಗಿದೆ. ನಿಗದಿತ ಅರ್ಜಿ ನಮೂನೆ ಹಾಗೂ ಹೆಚ್ಚಿನ ಮಾಹಿತಿಗಾಗಿ ಜಿಲ್ಲಾ ಸಮಾಜ ಕಲ್ಯಾಣ ಇಲಾಖೆಯ ಜಂಟಿ ನಿರ್ದೇಶಕರ ಕಚೇರಿ/ ಕೊರಟಗೆರೆ ತಾಲ್ಲೂಕು ಸಮಾಜ ಕಲ್ಯಾಣ ಇಲಾಖೆಯ ಸಹಾಯಕ ನಿರ್ದೇಶಕರ ಕಚೇರಿ/ ಜಾಲತಾಣವನ್ನು ಸಂಪರ್ಕಿಸಬಹುದಾಗಿದೆ. ಅರ್ಜಿ ಸಲ್ಲಿಸಿದ ವಿದ್ಯಾರ್ಥಿಗಳನ್ನು ಅರ್ಹತಾ ಪರೀಕ್ಷೆಯ ಮೂಲಕ
ಮೆರಿಟ್ ಆಧಾರದ ಮೇಲೆ ಆಯ್ಕೆ ಮಾಡಲಾಗುವುದು. ಅರ್ಹತಾ ಪರೀಕ್ಷೆಯನ್ನು ಮೇ 9ರಂದು ತುಮಕೂರು ನಗರದ ಜಿಲ್ಲಾ ಶಿಕ್ಷಣ ತರಬೇತಿ ಸಂಸ್ಥೆ(ಬ್ಯಾಂಕ್ ರಸ್ತೆ, ಡಿಸಿಸಿ ಬ್ಯಾಂಕ್ ಎದುರು)ಯಲ್ಲಿ ನಡೆಸಲಾಗುವುದು ಎಂದು ಕೊರಟಗೆರೆ ಸಮಾಜ ಕಲ್ಯಾಣ ಇಲಾಖೆ ಸಹಾಯಕ ನಿರ್ದೇಶಕ(ಗ್ರೇಡ್–2) ಜಿ. ಯಮುನಾ ತಿಳಿಸಿದ್ದಾರೆ.
